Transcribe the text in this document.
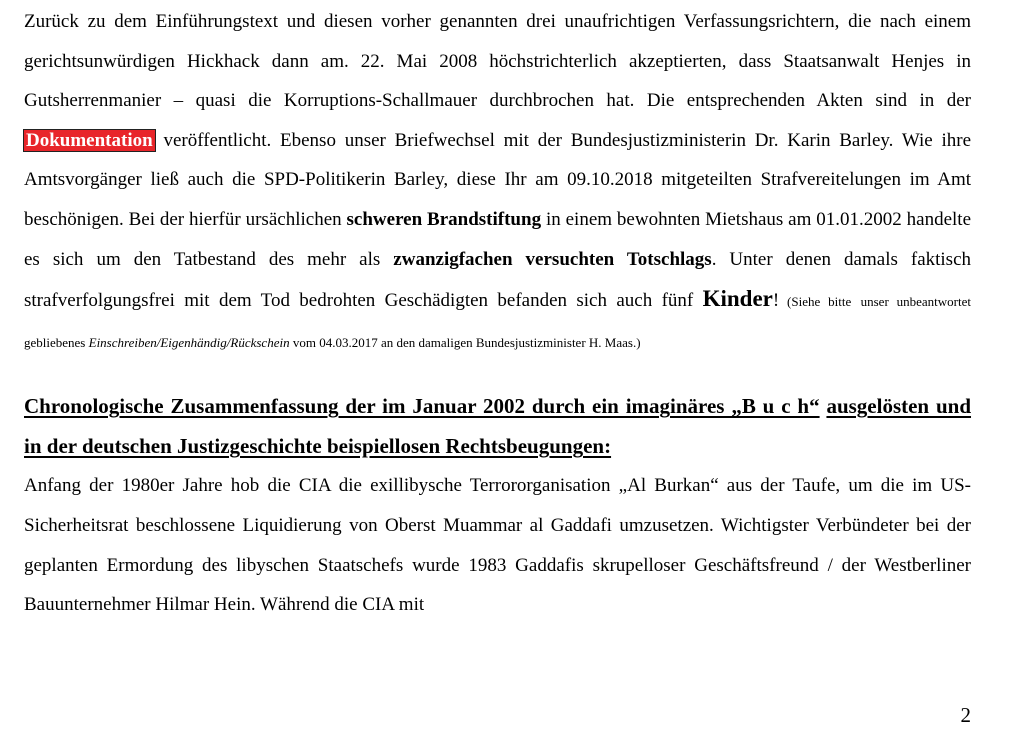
Zurück zu dem Einführungstext und diesen vorher genannten drei unaufrichtigen Verfassungsrichtern, die nach einem gerichtsunwürdigen Hickhack dann am. 22. Mai 2008 höchstrichterlich akzeptierten, dass Staatsanwalt Henjes in Gutsherrenmanier – quasi die Korruptions-Schallmauer durchbrochen hat. Die entsprechenden Akten sind in der Dokumentation veröffentlicht. Ebenso unser Briefwechsel mit der Bundesjustizministerin Dr. Karin Barley. Wie ihre Amtsvorgänger ließ auch die SPD-Politikerin Barley, diese Ihr am 09.10.2018 mitgeteilten Strafvereitelungen im Amt beschönigen. Bei der hierfür ursächlichen schweren Brandstiftung in einem bewohnten Mietshaus am 01.01.2002 handelte es sich um den Tatbestand des mehr als zwanzigfachen versuchten Totschlags. Unter denen damals faktisch strafverfolgungsfrei mit dem Tod bedrohten Geschädigten befanden sich auch fünf Kinder! (Siehe bitte unser unbeantwortet gebliebenes Einschreiben/Eigenhändig/Rückschein vom 04.03.2017 an den damaligen Bundesjustizminister H. Maas.)

Chronologische Zusammenfassung der im Januar 2002 durch ein imaginäres „B u c h“ ausgelösten und in der deutschen Justizgeschichte beispiellosen Rechtsbeugungen:

Anfang der 1980er Jahre hob die CIA die exillibysche Terrororganisation „Al Burkan“ aus der Taufe, um die im US-Sicherheitsrat beschlossene Liquidierung von Oberst Muammar al Gaddafi umzusetzen. Wichtigster Verbündeter bei der geplanten Ermordung des libyschen Staatschefs wurde 1983 Gaddafis skrupelloser Geschäftsfreund / der Westberliner Bauunternehmer Hilmar Hein. Während die CIA mit

2
